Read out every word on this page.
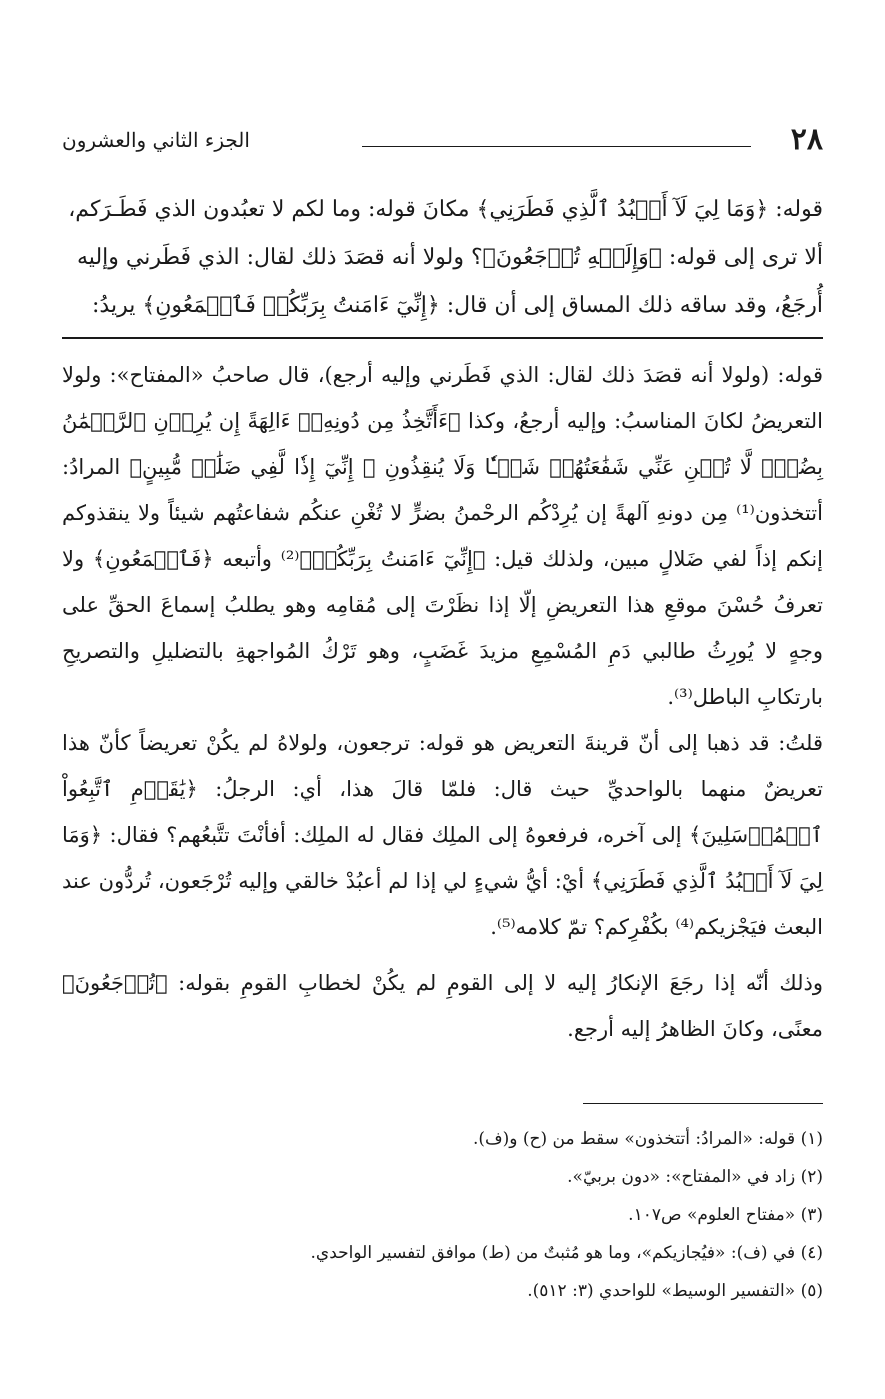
٢٨
الجزء الثاني والعشرون

قوله: ﴿وَمَا لِيَ لَآ أَعۡبُدُ ٱلَّذِي فَطَرَنِي﴾ مكانَ قوله: وما لكم لا تعبُدون الذي فَطَـرَكم،

ألا ترى إلى قوله: ﴿وَإِلَيۡهِ تُرۡجَعُونَ﴾؟ ولولا أنه قصَدَ ذلك لقال: الذي فَطَرني وإليه

أُرجَعُ، وقد ساقه ذلك المساق إلى أن قال: ﴿إِنِّيٓ ءَامَنتُ بِرَبِّكُمۡ فَٱسۡمَعُونِ﴾ يريدُ:

قوله: (ولولا أنه قصَدَ ذلك لقال: الذي فَطَرني وإليه أرجع)، قال صاحبُ «المفتاح»: ولولا التعريضُ لكانَ المناسبُ: وإليه أرجعُ، وكذا ﴿ءَأَتَّخِذُ مِن دُونِهِۦٓ ءَالِهَةً إِن يُرِدۡنِ ٱلرَّحۡمَٰنُ بِضُرّٖ لَّا تُغۡنِ عَنِّي شَفَٰعَتُهُمۡ شَيۡـٔٗا وَلَا يُنقِذُونِ ۞ إِنِّيٓ إِذٗا لَّفِي ضَلَٰلٖ مُّبِينٍ﴾ المرادُ: أتتخذون⁽¹⁾ مِن دونهِ آلهةً إن يُرِدْكُم الرحْمنُ بضرٍّ لا تُغْنِ عنكُم شفاعتُهم شيئاً ولا ينقذوكم إنكم إذاً لفي ضَلالٍ مبين، ولذلك قيل: ﴿إِنِّيٓ ءَامَنتُ بِرَبِّكُمۡ﴾⁽²⁾ وأتبعه ﴿فَٱسۡمَعُونِ﴾ ولا تعرفُ حُسْنَ موقعِ هذا التعريضِ إلّا إذا نظَرْتَ إلى مُقامِه وهو يطلبُ إسماعَ الحقِّ على وجهٍ لا يُورِثُ طالبي دَمِ المُسْمِعِ مزيدَ غَضَبٍ، وهو تَرْكُ المُواجهةِ بالتضليلِ والتصريحِ بارتكابِ الباطل⁽³⁾.

قلتُ: قد ذهبا إلى أنّ قرينةَ التعريض هو قوله: ترجعون، ولولاهُ لم يكُنْ تعريضاً كأنّ هذا تعريضٌ منهما بالواحديِّ حيث قال: فلمّا قالَ هذا، أي: الرجلُ: ﴿يَٰقَوۡمِ ٱتَّبِعُواْ ٱلۡمُرۡسَلِينَ﴾ إلى آخره، فرفعوهُ إلى الملِك فقال له الملِك: أفأنْتَ تتَّبعُهم؟ فقال: ﴿وَمَا لِيَ لَآ أَعۡبُدُ ٱلَّذِي فَطَرَنِي﴾ أيْ: أيُّ شيءٍ لي إذا لم أعبُدْ خالقي وإليه تُرْجَعون، تُردُّون عند البعث فيَجْزيكم⁽⁴⁾ بكُفْرِكم؟ تمّ كلامه⁽⁵⁾.

وذلك أنّه إذا رجَعَ الإنكارُ إليه لا إلى القومِ لم يكُنْ لخطابِ القومِ بقوله: ﴿تُرۡجَعُونَ﴾ معنًى، وكانَ الظاهرُ إليه أرجع.

(١) قوله: «المرادُ: أتتخذون» سقط من (ح) و(ف).
(٢) زاد في «المفتاح»: «دون بربيّ».
(٣) «مفتاح العلوم» ص١٠٧.
(٤) في (ف): «فيُجازيكم»، وما هو مُثبتٌ من (ط) موافق لتفسير الواحدي.
(٥) «التفسير الوسيط» للواحدي (٣: ٥١٢).
